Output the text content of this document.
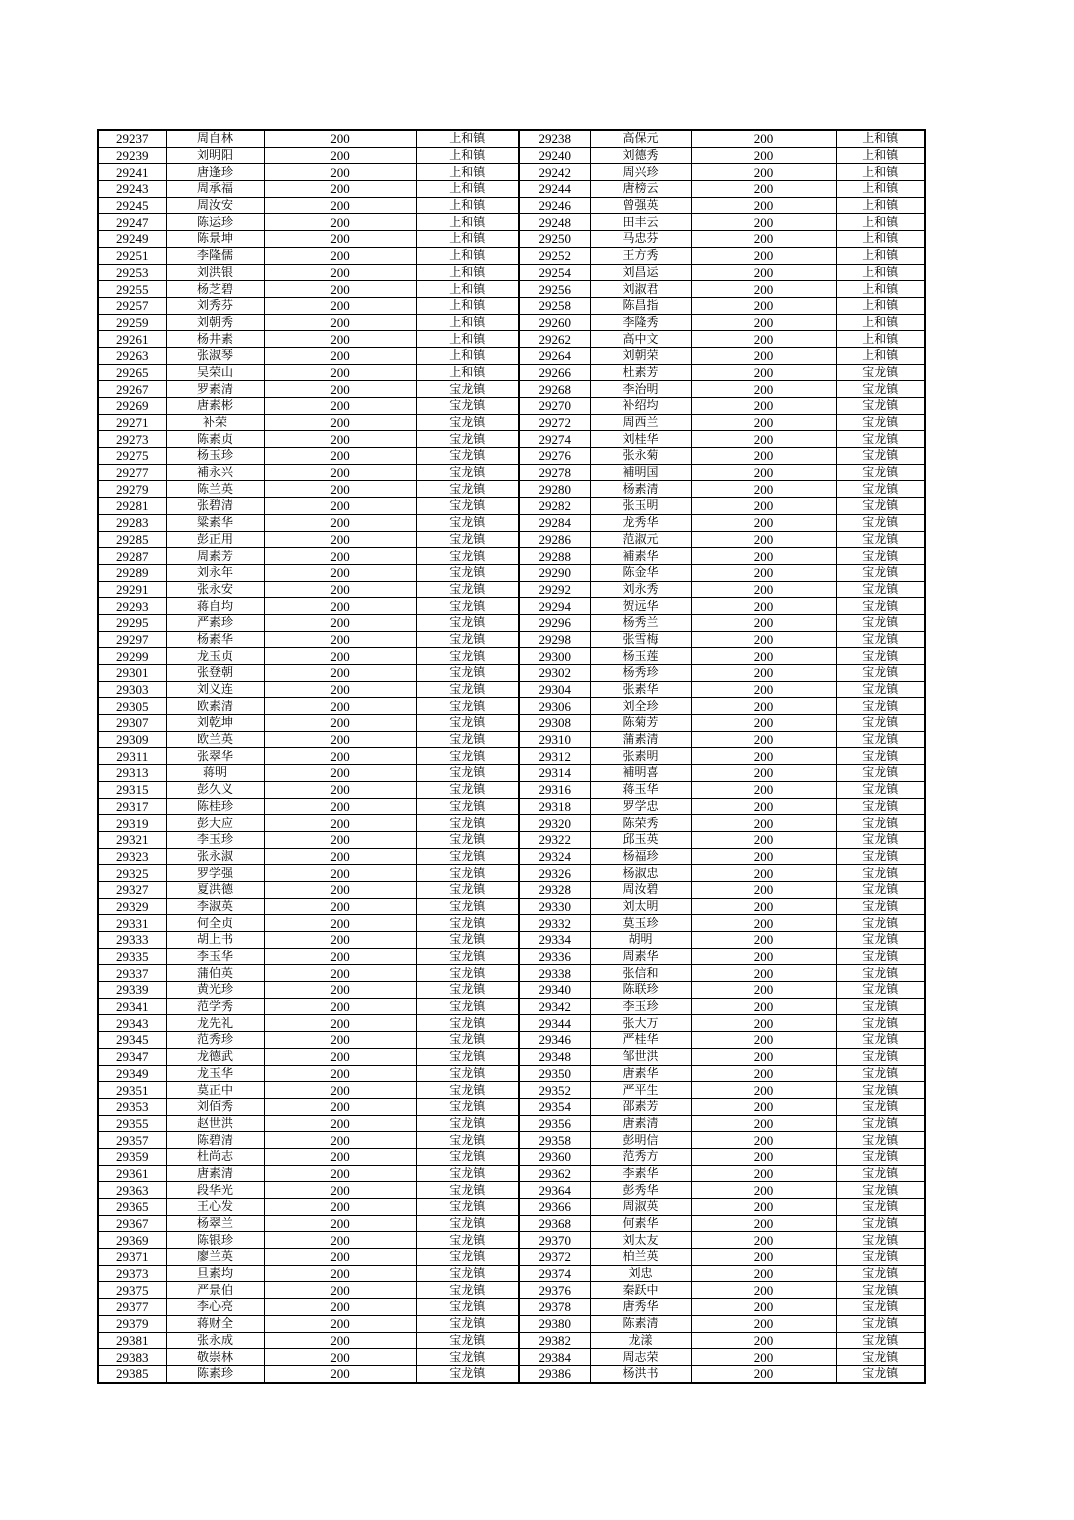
29237	周自林	200	上和镇	29238	高保元	200	上和镇
29239	刘明阳	200	上和镇	29240	刘德秀	200	上和镇
29241	唐逢珍	200	上和镇	29242	周兴珍	200	上和镇
29243	周承福	200	上和镇	29244	唐榜云	200	上和镇
29245	周汝安	200	上和镇	29246	曾强英	200	上和镇
29247	陈运珍	200	上和镇	29248	田丰云	200	上和镇
29249	陈景坤	200	上和镇	29250	马忠芬	200	上和镇
29251	李隆儒	200	上和镇	29252	王方秀	200	上和镇
29253	刘洪银	200	上和镇	29254	刘昌运	200	上和镇
29255	杨芝碧	200	上和镇	29256	刘淑君	200	上和镇
29257	刘秀芬	200	上和镇	29258	陈昌指	200	上和镇
29259	刘朝秀	200	上和镇	29260	李隆秀	200	上和镇
29261	杨井素	200	上和镇	29262	高中文	200	上和镇
29263	张淑琴	200	上和镇	29264	刘朝荣	200	上和镇
29265	吴荣山	200	上和镇	29266	杜素芳	200	宝龙镇
29267	罗素清	200	宝龙镇	29268	李治明	200	宝龙镇
29269	唐素彬	200	宝龙镇	29270	补绍均	200	宝龙镇
29271	补荣	200	宝龙镇	29272	周西兰	200	宝龙镇
29273	陈素贞	200	宝龙镇	29274	刘桂华	200	宝龙镇
29275	杨玉珍	200	宝龙镇	29276	张永菊	200	宝龙镇
29277	補永兴	200	宝龙镇	29278	補明国	200	宝龙镇
29279	陈兰英	200	宝龙镇	29280	杨素清	200	宝龙镇
29281	张碧清	200	宝龙镇	29282	张玉明	200	宝龙镇
29283	粱素华	200	宝龙镇	29284	龙秀华	200	宝龙镇
29285	彭正用	200	宝龙镇	29286	范淑元	200	宝龙镇
29287	周素芳	200	宝龙镇	29288	補素华	200	宝龙镇
29289	刘永年	200	宝龙镇	29290	陈金华	200	宝龙镇
29291	张永安	200	宝龙镇	29292	刘永秀	200	宝龙镇
29293	蒋自均	200	宝龙镇	29294	贺远华	200	宝龙镇
29295	严素珍	200	宝龙镇	29296	杨秀兰	200	宝龙镇
29297	杨素华	200	宝龙镇	29298	张雪梅	200	宝龙镇
29299	龙玉贞	200	宝龙镇	29300	杨玉莲	200	宝龙镇
29301	张登朝	200	宝龙镇	29302	杨秀珍	200	宝龙镇
29303	刘义连	200	宝龙镇	29304	张素华	200	宝龙镇
29305	欧素清	200	宝龙镇	29306	刘全珍	200	宝龙镇
29307	刘乾坤	200	宝龙镇	29308	陈菊芳	200	宝龙镇
29309	欧兰英	200	宝龙镇	29310	蒲素清	200	宝龙镇
29311	张翠华	200	宝龙镇	29312	张素明	200	宝龙镇
29313	蒋明	200	宝龙镇	29314	補明喜	200	宝龙镇
29315	彭久义	200	宝龙镇	29316	蒋玉华	200	宝龙镇
29317	陈桂珍	200	宝龙镇	29318	罗学忠	200	宝龙镇
29319	彭大应	200	宝龙镇	29320	陈荣秀	200	宝龙镇
29321	李玉珍	200	宝龙镇	29322	邱玉英	200	宝龙镇
29323	张永淑	200	宝龙镇	29324	杨福珍	200	宝龙镇
29325	罗学强	200	宝龙镇	29326	杨淑忠	200	宝龙镇
29327	夏洪德	200	宝龙镇	29328	周汝碧	200	宝龙镇
29329	李淑英	200	宝龙镇	29330	刘太明	200	宝龙镇
29331	何全贞	200	宝龙镇	29332	莫玉珍	200	宝龙镇
29333	胡上书	200	宝龙镇	29334	胡明	200	宝龙镇
29335	李玉华	200	宝龙镇	29336	周素华	200	宝龙镇
29337	蒲伯英	200	宝龙镇	29338	张信和	200	宝龙镇
29339	黄光珍	200	宝龙镇	29340	陈联珍	200	宝龙镇
29341	范学秀	200	宝龙镇	29342	李玉珍	200	宝龙镇
29343	龙先礼	200	宝龙镇	29344	张大万	200	宝龙镇
29345	范秀珍	200	宝龙镇	29346	严桂华	200	宝龙镇
29347	龙德武	200	宝龙镇	29348	邹世洪	200	宝龙镇
29349	龙玉华	200	宝龙镇	29350	唐素华	200	宝龙镇
29351	莫正中	200	宝龙镇	29352	严平生	200	宝龙镇
29353	刘佰秀	200	宝龙镇	29354	邵素芳	200	宝龙镇
29355	赵世洪	200	宝龙镇	29356	唐素清	200	宝龙镇
29357	陈碧清	200	宝龙镇	29358	彭明信	200	宝龙镇
29359	杜尚志	200	宝龙镇	29360	范秀方	200	宝龙镇
29361	唐素清	200	宝龙镇	29362	李素华	200	宝龙镇
29363	段华光	200	宝龙镇	29364	彭秀华	200	宝龙镇
29365	王心发	200	宝龙镇	29366	周淑英	200	宝龙镇
29367	杨翠兰	200	宝龙镇	29368	何素华	200	宝龙镇
29369	陈银珍	200	宝龙镇	29370	刘太友	200	宝龙镇
29371	廖兰英	200	宝龙镇	29372	柏兰英	200	宝龙镇
29373	旦素均	200	宝龙镇	29374	刘忠	200	宝龙镇
29375	严景伯	200	宝龙镇	29376	秦跃中	200	宝龙镇
29377	李心亮	200	宝龙镇	29378	唐秀华	200	宝龙镇
29379	蒋财全	200	宝龙镇	29380	陈素清	200	宝龙镇
29381	张永成	200	宝龙镇	29382	龙漾	200	宝龙镇
29383	敬崇林	200	宝龙镇	29384	周志荣	200	宝龙镇
29385	陈素珍	200	宝龙镇	29386	杨洪书	200	宝龙镇
